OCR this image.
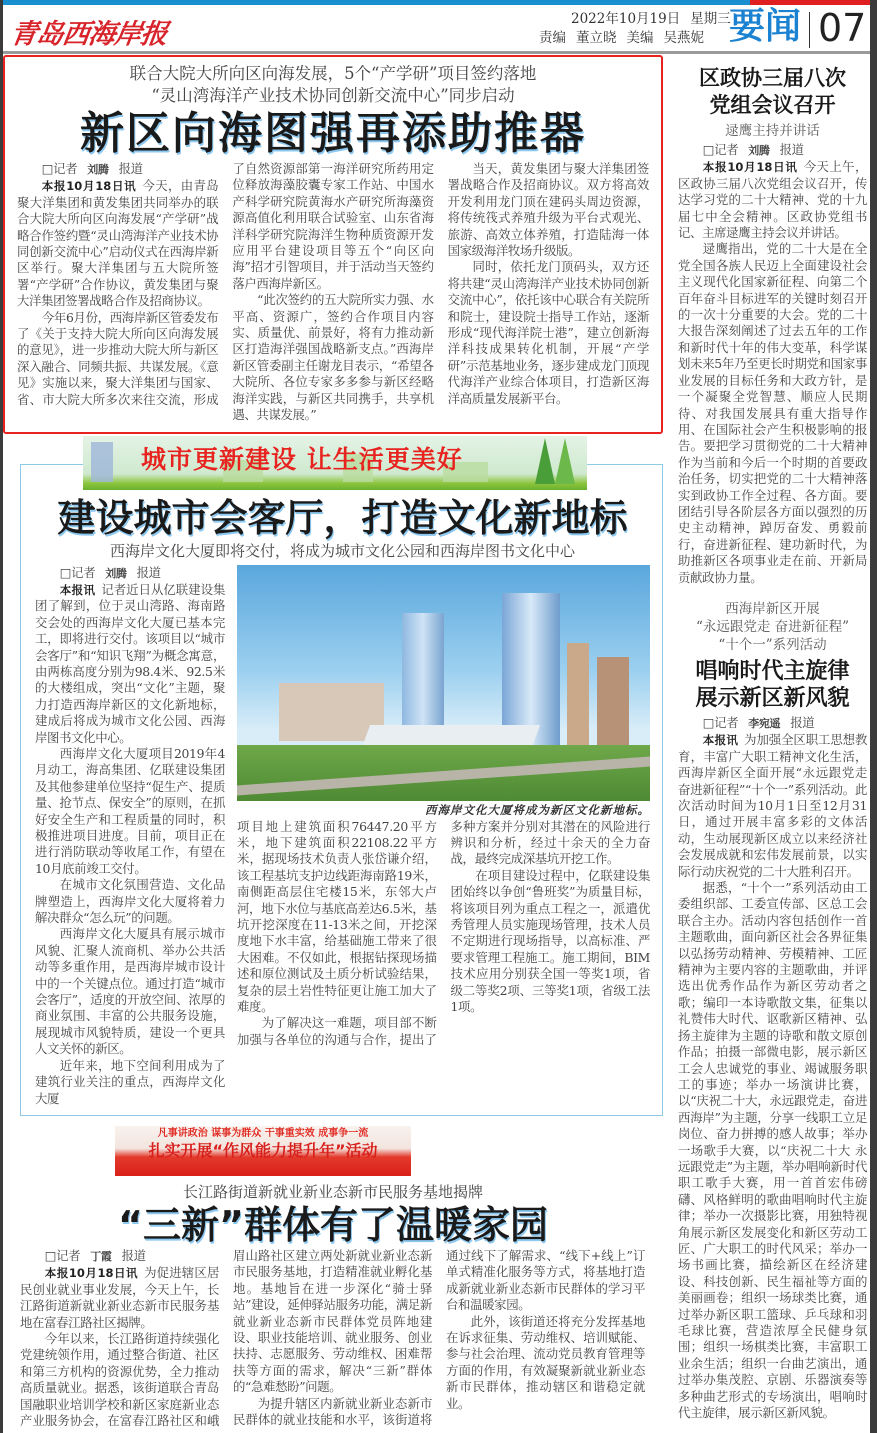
青岛西海岸报	2022年10月19日 星期三
责编 董立晓 美编 吴燕妮 要闻 07
联合大院大所向区向海发展，5个“产学研”项目签约落地
“灵山湾海洋产业技术协同创新交流中心”同步启动
新区向海图强再添助推器

□记者 刘腾 报道

本报10月18日讯 今天，由青岛聚大洋集团和黄发集团共同举办的联合大院大所向区向海发展“产学研”战略合作签约暨“灵山湾海洋产业技术协同创新交流中心”启动仪式在西海岸新区举行。聚大洋集团与五大院所签署“产学研”合作协议，黄发集团与聚大洋集团签署战略合作及招商协议。

今年6月份，西海岸新区管委发布了《关于支持大院大所向区向海发展的意见》，进一步推动大院大所与新区深入融合、同频共振、共谋发展。《意见》实施以来，聚大洋集团与国家、省、市大院大所多次来往交流，形成了自然资源部第一海洋研究所药用定位释放海藻胶囊专家工作站、中国水产科学研究院黄海水产研究所海藻资源高值化利用联合试验室、山东省海洋科学研究院海洋生物种质资源开发应用平台建设项目等五个“向区向海”招才引智项目，并于活动当天签约落户西海岸新区。

“此次签约的五大院所实力强、水平高、资源广，签约合作项目内容实、质量优、前景好，将有力推动新区打造海洋强国战略新支点。”西海岸新区管委副主任谢龙目表示，“希望各大院所、各位专家多多参与新区经略海洋实践，与新区共同携手，共享机遇、共谋发展。”

当天，黄发集团与聚大洋集团签署战略合作及招商协议。双方将高效开发利用龙门顶在建码头周边资源，将传统筏式养殖升级为平台式观光、旅游、高效立体养殖，打造陆海一体国家级海洋牧场升级版。

同时，依托龙门顶码头，双方还将共建“灵山湾海洋产业技术协同创新交流中心”，依托该中心联合有关院所和院士，建设院士指导工作站，逐渐形成“现代海洋院士港”，建立创新海洋科技成果转化机制，开展“产学研”示范基地业务，逐步建成龙门顶现代海洋产业综合体项目，打造新区海洋高质量发展新平台。

城市更新建设 让生活更美好
建设城市会客厅，打造文化新地标
西海岸文化大厦即将交付，将成为城市文化公园和西海岸图书文化中心

□记者 刘腾 报道

本报讯 记者近日从亿联建设集团了解到，位于灵山湾路、海南路交会处的西海岸文化大厦已基本完工，即将进行交付。该项目以“城市会客厅”和“知识飞翔”为概念寓意，由两栋高度分别为98.4米、92.5米的大楼组成，突出“文化”主题，聚力打造西海岸新区的文化新地标，建成后将成为城市文化公园、西海岸图书文化中心。

西海岸文化大厦项目2019年4月动工，海高集团、亿联建设集团及其他参建单位坚持“促生产、提质量、抢节点、保安全”的原则，在抓好安全生产和工程质量的同时，积极推进项目进度。目前，项目正在进行消防联动等收尾工作，有望在10月底前竣工交付。

在城市文化氛围营造、文化品牌塑造上，西海岸文化大厦将着力解决群众“怎么玩”的问题。

西海岸文化大厦具有展示城市风貌、汇聚人流商机、举办公共活动等多重作用，是西海岸城市设计中的一个关键点位。通过打造“城市会客厅”，适度的开放空间、浓厚的商业氛围、丰富的公共服务设施，展现城市风貌特质，建设一个更具人文关怀的新区。

近年来，地下空间利用成为了建筑行业关注的重点，西海岸文化大厦

西海岸文化大厦将成为新区文化新地标。

项目地上建筑面积76447.20平方米，地下建筑面积22108.22平方米，据现场技术负责人张岱谦介绍，该工程基坑支护边线距海南路19米，南侧距高层住宅楼15米，东邻大卢河，地下水位与基底高差达6.5米，基坑开挖深度在11-13米之间，开挖深度地下水丰富，给基础施工带来了很大困难。不仅如此，根据钻探现场描述和原位测试及土质分析试验结果，复杂的层土岩性特征更让施工加大了难度。

为了解决这一难题，项目部不断加强与各单位的沟通与合作，提出了多种方案并分别对其潜在的风险进行辨识和分析，经过十余天的全力奋战，最终完成深基坑开挖工作。

在项目建设过程中，亿联建设集团始终以争创“鲁班奖”为质量目标，将该项目列为重点工程之一，派遣优秀管理人员实施现场管理，技术人员不定期进行现场指导，以高标准、严要求管理工程施工。施工期间，BIM技术应用分别获全国一等奖1项，省级二等奖2项、三等奖1项，省级工法1项。

凡事讲政治 谋事为群众 干事重实效 成事争一流
扎实开展“作风能力提升年”活动
长江路街道新就业新业态新市民服务基地揭牌
“三新”群体有了温暖家园

□记者 丁霞 报道

本报10月18日讯 为促进辖区居民创业就业事业发展，今天上午，长江路街道新就业新业态新市民服务基地在富春江路社区揭牌。

今年以来，长江路街道持续强化党建统领作用，通过整合街道、社区和第三方机构的资源优势，全力推动高质量就业。据悉，该街道联合青岛国融职业培训学校和新区家庭新业态产业服务协会，在富春江路社区和峨眉山路社区建立两处新就业新业态新市民服务基地，打造精准就业孵化基地。基地旨在进一步深化“骑士驿站”建设，延伸驿站服务功能，满足新就业新业态新市民群体党员阵地建设、职业技能培训、就业服务、创业扶持、志愿服务、劳动维权、困难帮扶等方面的需求，解决“三新”群体的“急难愁盼”问题。

为提升辖区内新就业新业态新市民群体的就业技能和水平，该街道将通过线下了解需求、“线下+线上”订单式精准化服务等方式，将基地打造成新就业新业态新市民群体的学习平台和温暖家园。

此外，该街道还将充分发挥基地在诉求征集、劳动维权、培训赋能、参与社会治理、流动党员教育管理等方面的作用，有效凝聚新就业新业态新市民群体，推动辖区和谐稳定就业。

区政协三届八次党组会议召开
逯鹰主持并讲话

□记者 刘腾 报道

本报10月18日讯 今天上午，区政协三届八次党组会议召开，传达学习党的二十大精神、党的十九届七中全会精神。区政协党组书记、主席逯鹰主持会议并讲话。

逯鹰指出，党的二十大是在全党全国各族人民迈上全面建设社会主义现代化国家新征程、向第二个百年奋斗目标进军的关键时刻召开的一次十分重要的大会。党的二十大报告深刻阐述了过去五年的工作和新时代十年的伟大变革，科学谋划未来5年乃至更长时期党和国家事业发展的目标任务和大政方针，是一个凝聚全党智慧、顺应人民期待、对我国发展具有重大指导作用、在国际社会产生积极影响的报告。要把学习贯彻党的二十大精神作为当前和今后一个时期的首要政治任务，切实把党的二十大精神落实到政协工作全过程、各方面。要团结引导各阶层各方面以强烈的历史主动精神，踔厉奋发、勇毅前行，奋进新征程、建功新时代，为助推新区各项事业走在前、开新局贡献政协力量。

西海岸新区开展
“永远跟党走 奋进新征程”
“十个一”系列活动
唱响时代主旋律
展示新区新风貌

□记者 李宛遥 报道

本报讯 为加强全区职工思想教育，丰富广大职工精神文化生活，西海岸新区全面开展“永远跟党走 奋进新征程”“十个一”系列活动。此次活动时间为10月1日至12月31日，通过开展丰富多彩的文体活动，生动展现新区成立以来经济社会发展成就和宏伟发展前景，以实际行动庆祝党的二十大胜利召开。

据悉，“十个一”系列活动由工委组织部、工委宣传部、区总工会联合主办。活动内容包括创作一首主题歌曲，面向新区社会各界征集以弘扬劳动精神、劳模精神、工匠精神为主要内容的主题歌曲，并评选出优秀作品作为新区劳动者之歌；编印一本诗歌散文集，征集以礼赞伟大时代、讴歌新区精神、弘扬主旋律为主题的诗歌和散文原创作品；拍摄一部微电影，展示新区工会人忠诚党的事业、竭诚服务职工的事迹；举办一场演讲比赛，以“庆祝二十大，永远跟党走，奋进西海岸”为主题，分享一线职工立足岗位、奋力拼搏的感人故事；举办一场歌手大赛，以“庆祝二十大 永远跟党走”为主题，举办唱响新时代职工歌手大赛，用一首首宏伟磅礴、风格鲜明的歌曲唱响时代主旋律；举办一次摄影比赛，用独特视角展示新区发展变化和新区劳动工匠、广大职工的时代风采；举办一场书画比赛，描绘新区在经济建设、科技创新、民生福祉等方面的美丽画卷；组织一场球类比赛，通过举办新区职工篮球、乒乓球和羽毛球比赛，营造浓厚全民健身氛围；组织一场棋类比赛，丰富职工业余生活；组织一台曲艺演出，通过举办集茂腔、京剧、乐器演奏等多种曲艺形式的专场演出，唱响时代主旋律，展示新区新风貌。
